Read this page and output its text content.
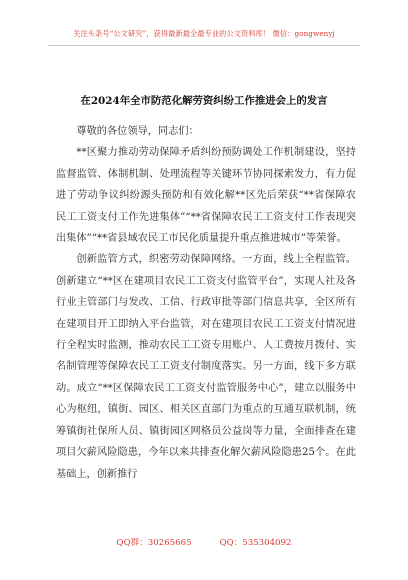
关注头条号“公文研究”，获得最新最全最专业的公文资料库！ 微信：gongwenyj
在2024年全市防范化解劳资纠纷工作推进会上的发言

尊敬的各位领导，同志们：

**区聚力推动劳动保障矛盾纠纷预防调处工作机制建设，坚持监督监管、体制机制、处理流程等关键环节协同探索发力，有力促进了劳动争议纠纷源头预防和有效化解**区先后荣获“**省保障农民工工资支付工作先进集体”“**省保障农民工工资支付工作表现突出集体”“**省县域农民工市民化质量提升重点推进城市”等荣誉。

创新监管方式，织密劳动保障网络。一方面，线上全程监管。创新建立“**区在建项目农民工工资支付监管平台”，实现人社及各行业主管部门与发改、工信、行政审批等部门信息共享，全区所有在建项目开工即纳入平台监管，对在建项目农民工工资支付情况进行全程实时监测，推动农民工工资专用账户、人工费按月拨付、实名制管理等保障农民工工资支付制度落实。另一方面，线下多方联动。成立“**区保障农民工工资支付监管服务中心”，建立以服务中心为枢纽，镇街、园区、相关区直部门为重点的互通互联机制，统筹镇街社保所人员、镇街园区网格员公益岗等力量，全面排查在建项目欠薪风险隐患，今年以来共排查化解欠薪风险隐患25个。在此基础上，创新推行

QQ群：30265665	QQ：535304092
